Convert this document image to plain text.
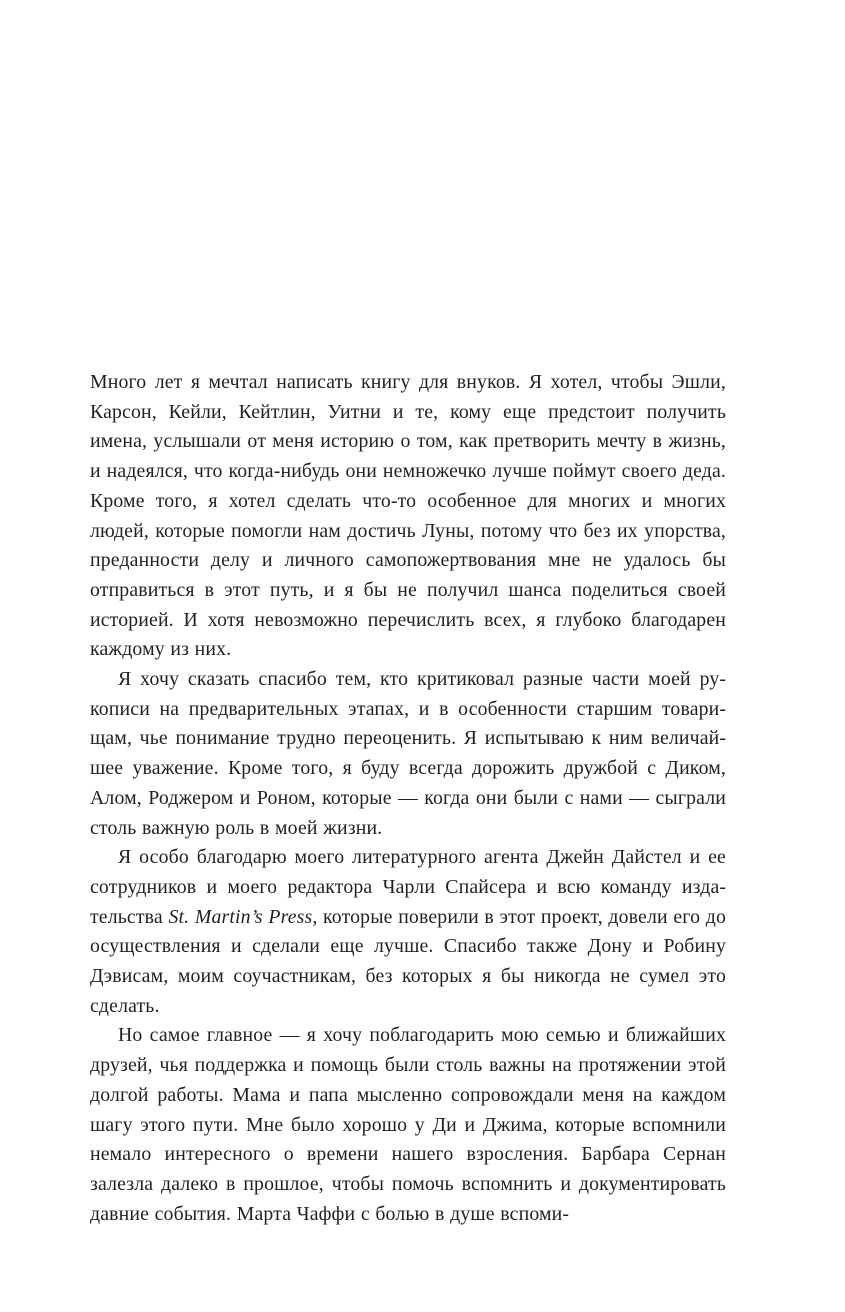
Много лет я мечтал написать книгу для внуков. Я хотел, чтобы Эшли, Карсон, Кейли, Кейтлин, Уитни и те, кому еще предстоит получить имена, услышали от меня историю о том, как претворить мечту в жизнь, и надеялся, что когда-нибудь они немножечко лучше поймут своего деда. Кроме того, я хотел сделать что-то особенное для многих и многих людей, которые помогли нам достичь Луны, потому что без их упорства, преданности делу и личного самопожертвования мне не удалось бы отправиться в этот путь, и я бы не получил шанса поделиться своей историей. И хотя невозможно перечислить всех, я глубоко благодарен каждому из них.

Я хочу сказать спасибо тем, кто критиковал разные части моей рукописи на предварительных этапах, и в особенности старшим товарищам, чье понимание трудно переоценить. Я испытываю к ним величайшее уважение. Кроме того, я буду всегда дорожить дружбой с Диком, Алом, Роджером и Роном, которые — когда они были с нами — сыграли столь важную роль в моей жизни.

Я особо благодарю моего литературного агента Джейн Дайстел и ее сотрудников и моего редактора Чарли Спайсера и всю команду издательства St. Martin’s Press, которые поверили в этот проект, довели его до осуществления и сделали еще лучше. Спасибо также Дону и Робину Дэвисам, моим соучастникам, без которых я бы никогда не сумел это сделать.

Но самое главное — я хочу поблагодарить мою семью и ближайших друзей, чья поддержка и помощь были столь важны на протяжении этой долгой работы. Мама и папа мысленно сопровождали меня на каждом шагу этого пути. Мне было хорошо у Ди и Джима, которые вспомнили немало интересного о времени нашего взросления. Барбара Сернан залезла далеко в прошлое, чтобы помочь вспомнить и документировать давние события. Марта Чаффи с болью в душе вспоми-
